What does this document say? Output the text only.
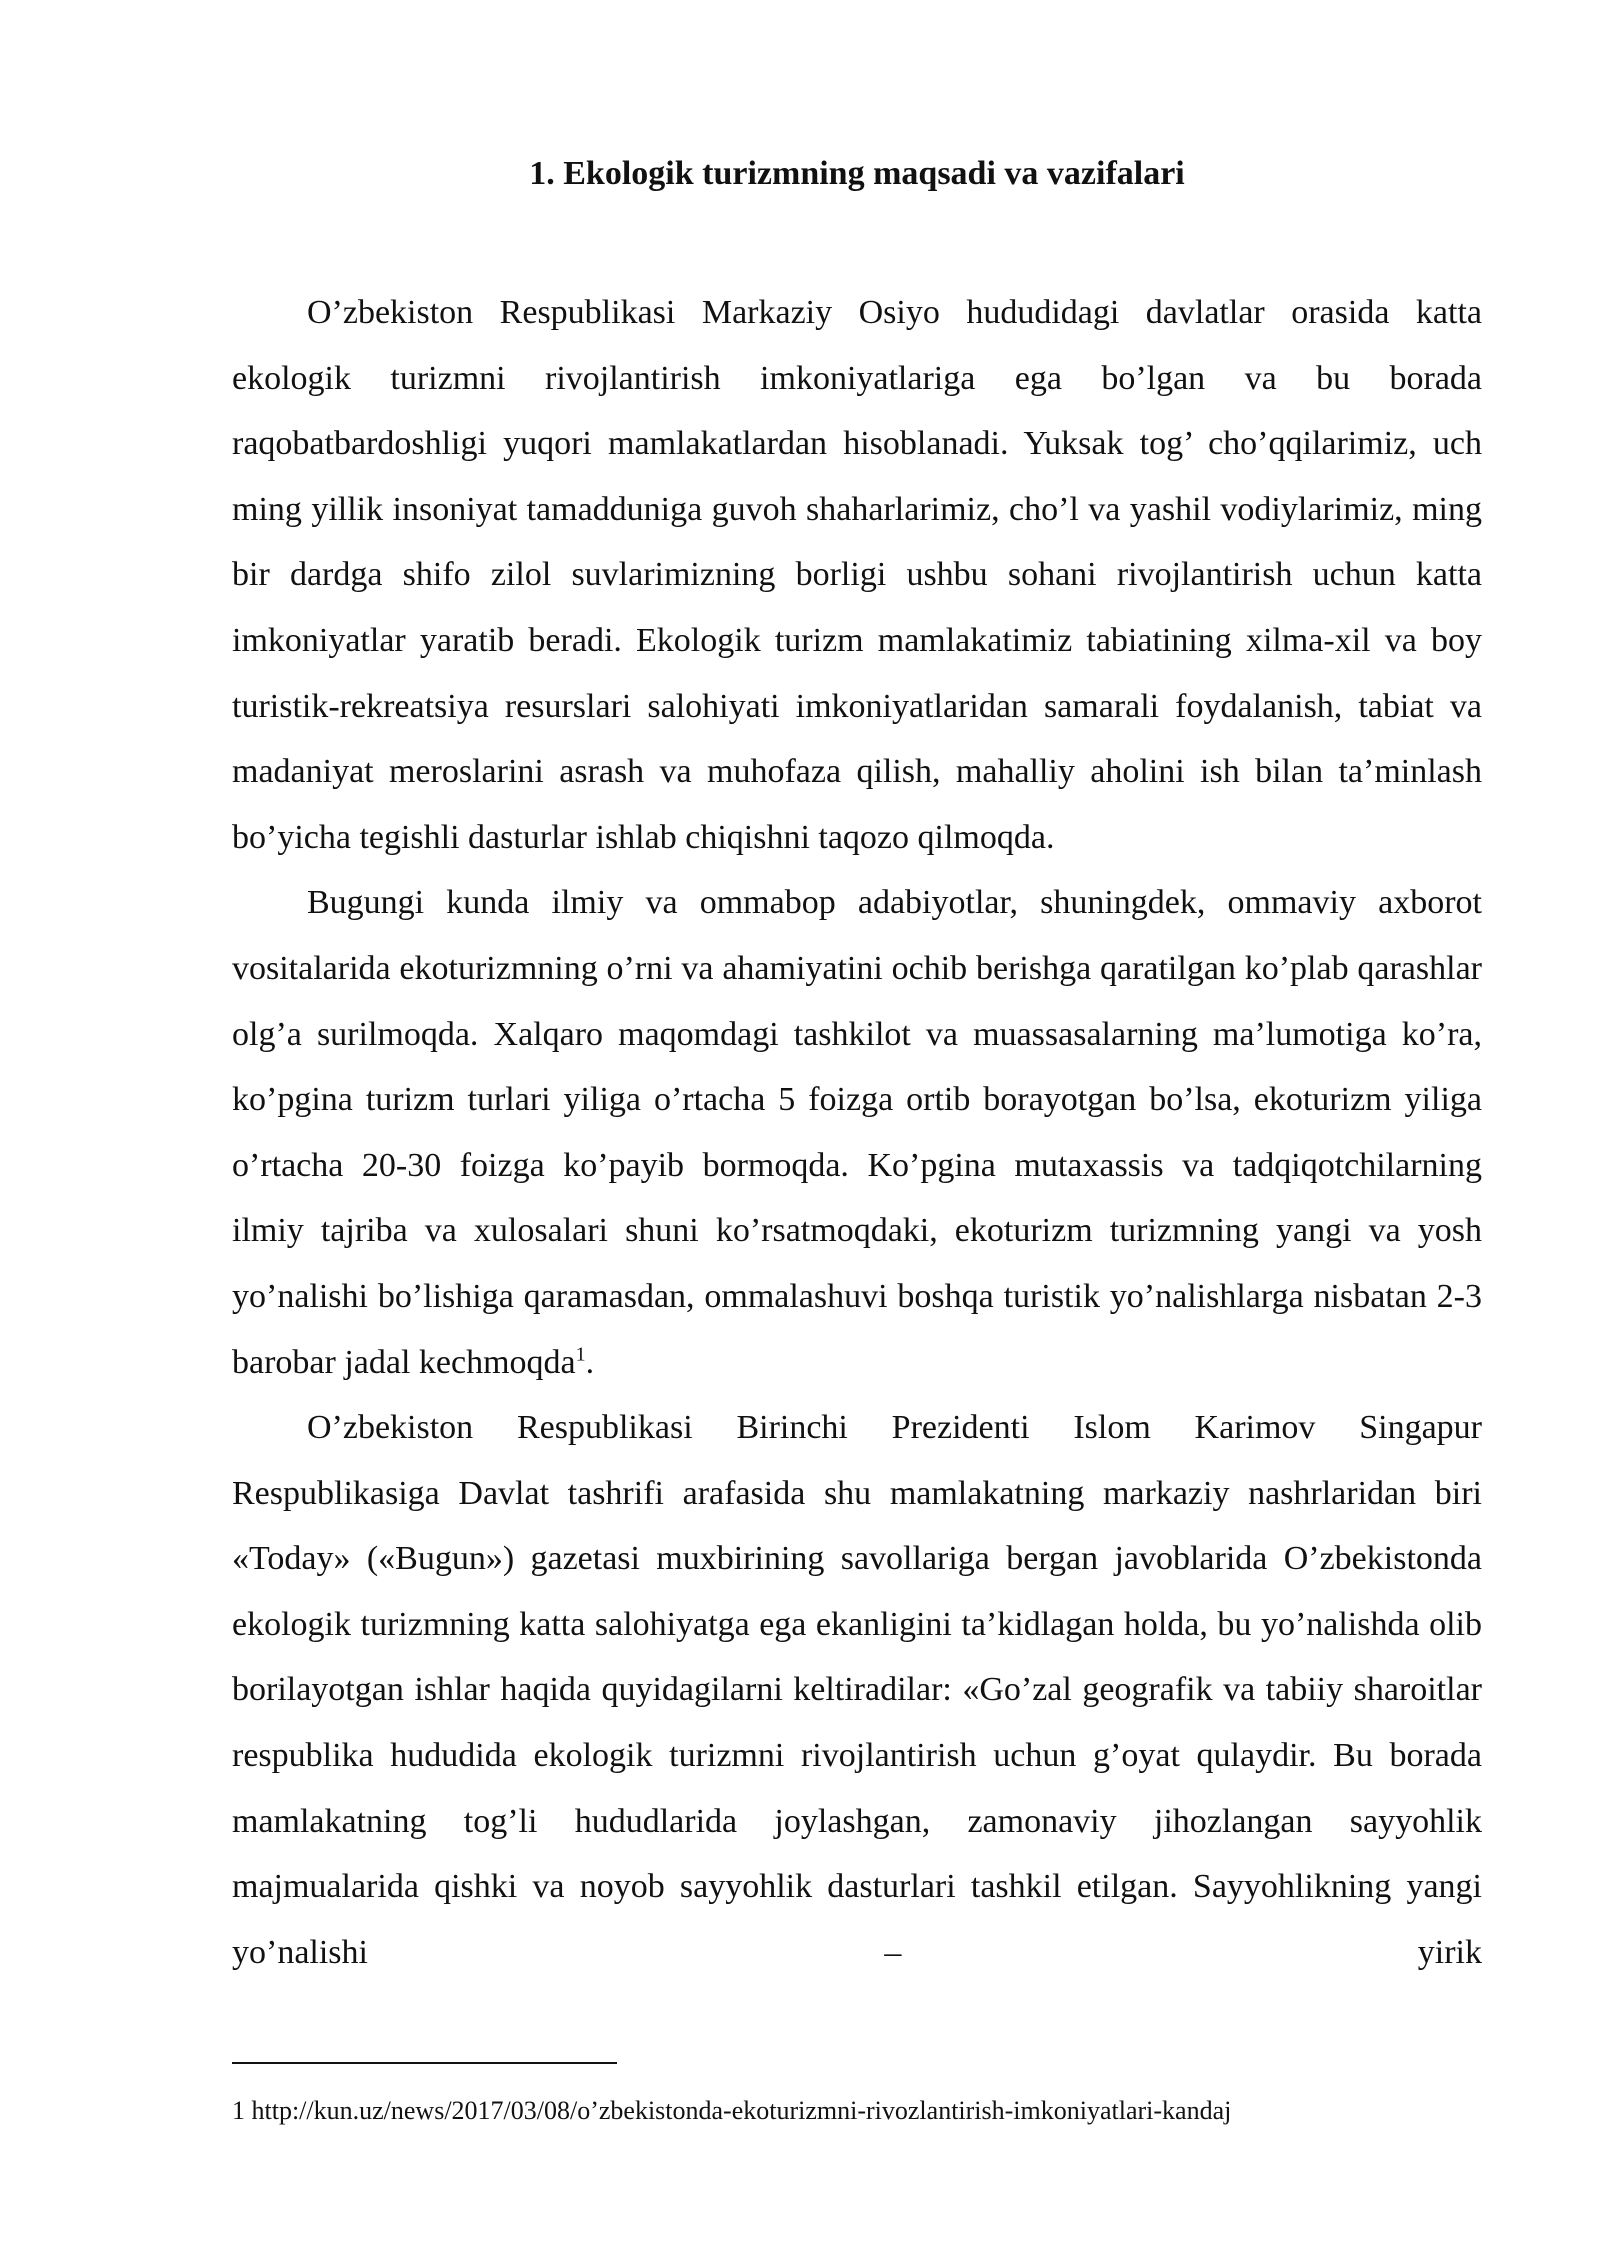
1. Ekologik turizmning maqsadi va vazifalari

O’zbekiston Respublikasi Markaziy Osiyo hududidagi davlatlar orasida katta ekologik turizmni rivojlantirish imkoniyatlariga ega bo’lgan va bu borada raqobatbardoshligi yuqori mamlakatlardan hisoblanadi. Yuksak tog’ cho’qqilarimiz, uch ming yillik insoniyat tamadduniga guvoh shaharlarimiz, cho’l va yashil vodiylarimiz, ming bir dardga shifo zilol suvlarimizning borligi ushbu sohani rivojlantirish uchun katta imkoniyatlar yaratib beradi. Ekologik turizm mamlakatimiz tabiatining xilma-xil va boy turistik-rekreatsiya resurslari salohiyati imkoniyatlaridan samarali foydalanish, tabiat va madaniyat meroslarini asrash va muhofaza qilish, mahalliy aholini ish bilan ta’minlash bo’yicha tegishli dasturlar ishlab chiqishni taqozo qilmoqda.

Bugungi kunda ilmiy va ommabop adabiyotlar, shuningdek, ommaviy axborot vositalarida ekoturizmning o’rni va ahamiyatini ochib berishga qaratilgan ko’plab qarashlar olg’a surilmoqda. Xalqaro maqomdagi tashkilot va muassasalarning ma’lumotiga ko’ra, ko’pgina turizm turlari yiliga o’rtacha 5 foizga ortib borayotgan bo’lsa, ekoturizm yiliga o’rtacha 20-30 foizga ko’payib bormoqda. Ko’pgina mutaxassis va tadqiqotchilarning ilmiy tajriba va xulosalari shuni ko’rsatmoqdaki, ekoturizm turizmning yangi va yosh yo’nalishi bo’lishiga qaramasdan, ommalashuvi boshqa turistik yo’nalishlarga nisbatan 2-3 barobar jadal kechmoqda$^1$.

O’zbekiston Respublikasi Birinchi Prezidenti Islom Karimov Singapur Respublikasiga Davlat tashrifi arafasida shu mamlakatning markaziy nashrlaridan biri «Today» («Bugun») gazetasi muxbirining savollariga bergan javoblarida O’zbekistonda ekologik turizmning katta salohiyatga ega ekanligini ta’kidlagan holda, bu yo’nalishda olib borilayotgan ishlar haqida quyidagilarni keltiradilar: «Go’zal geografik va tabiiy sharoitlar respublika hududida ekologik turizmni rivojlantirish uchun g’oyat qulaydir. Bu borada mamlakatning tog’li hududlarida joylashgan, zamonaviy jihozlangan sayyohlik majmualarida qishki va noyob sayyohlik dasturlari tashkil etilgan. Sayyohlikning yangi yo’nalishi – yirik

1 http://kun.uz/news/2017/03/08/o’zbekistonda-ekoturizmni-rivozlantirish-imkoniyatlari-kandaj
